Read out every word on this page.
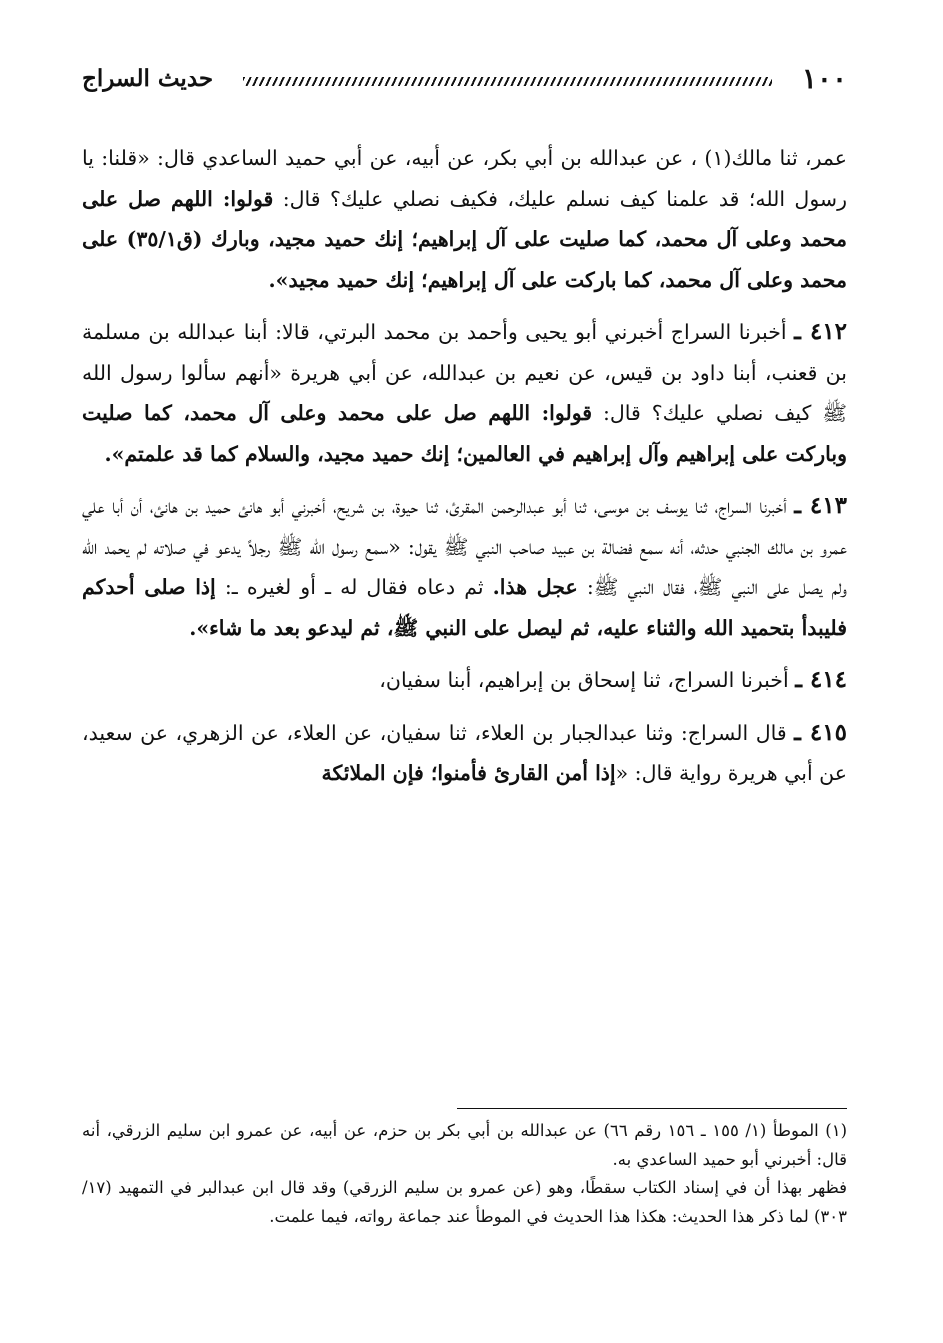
١٠٠
حديث السراج

عمر، ثنا مالك(١) ، عن عبدالله بن أبي بكر، عن أبيه، عن أبي حميد الساعدي قال: «قلنا: يا رسول الله؛ قد علمنا كيف نسلم عليك، فكيف نصلي عليك؟ قال: قولوا: اللهم صل على محمد وعلى آل محمد، كما صليت على آل إبراهيم؛ إنك حميد مجيد، وبارك (ق٣٥/١) على محمد وعلى آل محمد، كما باركت على آل إبراهيم؛ إنك حميد مجيد».

٤١٢ ـ أخبرنا السراج أخبرني أبو يحيى وأحمد بن محمد البرتي، قالا: أبنا عبدالله بن مسلمة بن قعنب، أبنا داود بن قيس، عن نعيم بن عبدالله، عن أبي هريرة «أنهم سألوا رسول الله ﷺ كيف نصلي عليك؟ قال: قولوا: اللهم صل على محمد وعلى آل محمد، كما صليت وباركت على إبراهيم وآل إبراهيم في العالمين؛ إنك حميد مجيد، والسلام كما قد علمتم».

٤١٣ ـ أخبرنا السراج، ثنا يوسف بن موسى، ثنا أبو عبدالرحمن المقرئ، ثنا حيوة، بن شريح، أخبرني أبو هانئ حميد بن هانئ، أن أبا علي عمرو بن مالك الجنبي حدثه، أنه سمع فضالة بن عبيد صاحب النبي ﷺ يقول: «سمع رسول الله ﷺ رجلاً يدعو في صلاته لم يحمد الله ولم يصل على النبي ﷺ، فقال النبي ﷺ: عجل هذا. ثم دعاه فقال له ـ أو لغيره ـ: إذا صلى أحدكم فليبدأ بتحميد الله والثناء عليه، ثم ليصل على النبي ﷺ، ثم ليدعو بعد ما شاء».

٤١٤ ـ أخبرنا السراج، ثنا إسحاق بن إبراهيم، أبنا سفيان،

٤١٥ ـ قال السراج: وثنا عبدالجبار بن العلاء، ثنا سفيان، عن العلاء، عن الزهري، عن سعيد، عن أبي هريرة رواية قال: «إذا أمن القارئ فأمنوا؛ فإن الملائكة

(١) الموطأ (١/ ١٥٥ ـ ١٥٦ رقم ٦٦) عن عبدالله بن أبي بكر بن حزم، عن أبيه، عن عمرو ابن سليم الزرقي، أنه قال: أخبرني أبو حميد الساعدي به.

فظهر بهذا أن في إسناد الكتاب سقطًا، وهو (عن عمرو بن سليم الزرقي) وقد قال ابن عبدالبر في التمهيد (١٧/ ٣٠٣) لما ذكر هذا الحديث: هكذا هذا الحديث في الموطأ عند جماعة رواته، فيما علمت.
